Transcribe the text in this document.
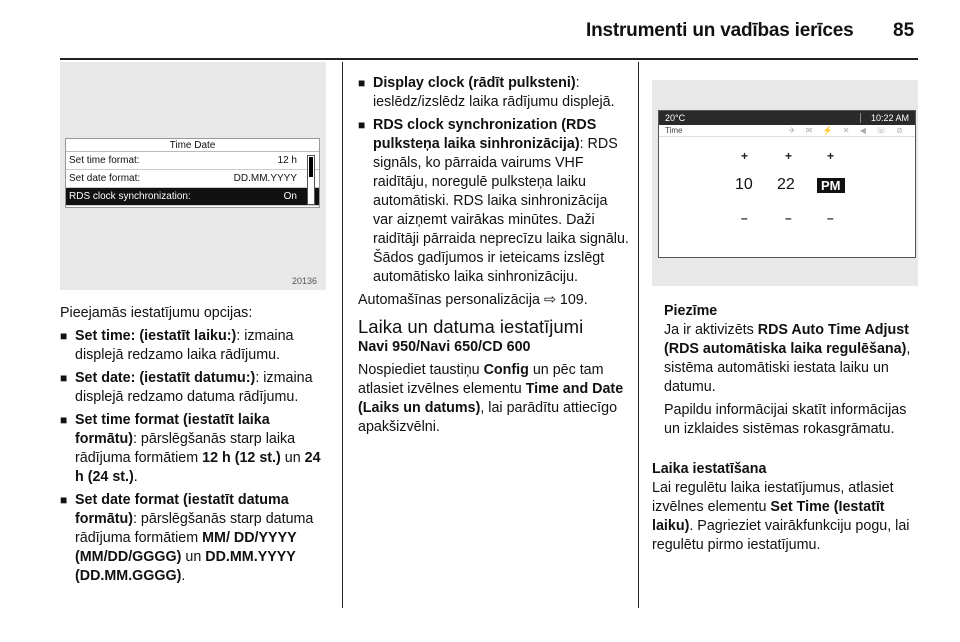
Instrumenti un vadības ierīces 85
Time Date
Set time format:	12 h
Set date format:	DD.MM.YYYY
RDS clock synchronization:	On
20136

Pieejamās iestatījumu opcijas:

■ Set time: (iestatīt laiku:): izmaina displejā redzamo laika rādījumu.
■ Set date: (iestatīt datumu:): izmaina displejā redzamo datuma rādījumu.
■ Set time format (iestatīt laika formātu): pārslēgšanās starp laika rādījuma formātiem 12 h (12 st.) un 24 h (24 st.).
■ Set date format (iestatīt datuma formātu): pārslēgšanās starp datuma rādījuma formātiem MM/ DD/YYYY (MM/DD/GGGG) un DD.MM.YYYY (DD.MM.GGGG).
■ Display clock (rādīt pulksteni): ieslēdz/izslēdz laika rādījumu displejā.
■ RDS clock synchronization (RDS pulksteņa laika sinhronizācija): RDS signāls, ko pārraida vairums VHF raidītāju, noregulē pulksteņa laiku automātiski. RDS laika sinhronizācija var aizņemt vairākas minūtes. Daži raidītāji pārraida neprecīzu laika signālu. Šādos gadījumos ir ieteicams izslēgt automātisko laika sinhronizāciju.

Automašīnas personalizācija ⇨ 109.

Laika un datuma iestatījumi
Navi 950/Navi 650/CD 600

Nospiediet taustiņu Config un pēc tam atlasiet izvēlnes elementu Time and Date (Laiks un datums), lai parādītu attiecīgo apakšizvēlni.

20°C	10:22 AM
Time	✈ ✉ ⚡ ✕ ◀ ☏ ⊘
+	+	+
10 22	PM
–	–	–
Piezīme

Ja ir aktivizēts RDS Auto Time Adjust (RDS automātiska laika regulēšana), sistēma automātiski iestata laiku un datumu.

Papildu informācijai skatīt informācijas un izklaides sistēmas rokasgrāmatu.

Laika iestatīšana

Lai regulētu laika iestatījumus, atlasiet izvēlnes elementu Set Time (Iestatīt laiku). Pagrieziet vairākfunkciju pogu, lai regulētu pirmo iestatījumu.
